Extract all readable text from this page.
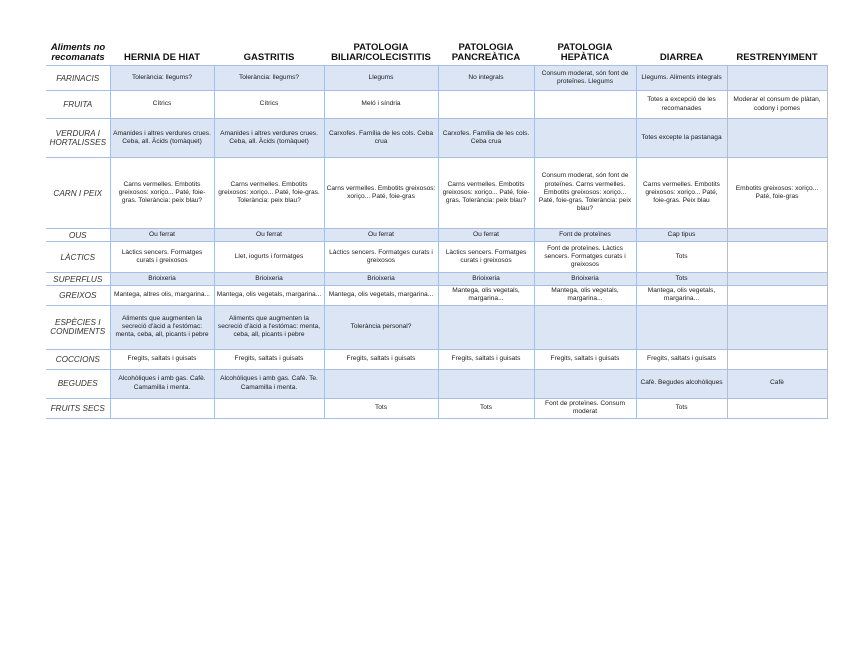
Aliments no recomanats	HERNIA DE HIAT	GASTRITIS	PATOLOGIA BILIAR/COLECISTITIS	PATOLOGIA PANCREÀTICA	PATOLOGIA HEPÀTICA	DIARREA	RESTRENYIMENT
FARINACIS	Tolerància: llegums?	Tolerància: llegums?	Llegums	No integrals	Consum moderat, són font de proteïnes. Llegums	Llegums. Aliments integrals	

FRUITA	Cítrics	Cítrics	Meló i síndria			Totes a excepció de les recomanades	Moderar el consum de plàtan, codony i pomes

VERDURA I HORTALISSES	Amanides i altres verdures crues. Ceba, all. Àcids (tomàquet)	Amanides i altres verdures crues. Ceba, all. Àcids (tomàquet)	Carxofes. Família de les cols. Ceba crua	Carxofes. Família de les cols. Ceba crua		Totes excepte la pastanaga	

CARN I PEIX	Carns vermelles. Embotits greixosos: xoriço... Paté, foie-gras. Tolerància: peix blau?	Carns vermelles. Embotits greixosos: xoriço... Paté, foie-gras. Tolerància: peix blau?	Carns vermelles. Embotits greixosos: xoriço... Paté, foie-gras	Carns vermelles. Embotits greixosos: xoriço... Paté, foie-gras. Tolerància: peix blau?	Consum moderat, són font de proteïnes. Carns vermelles. Embotits greixosos: xoriço... Paté, foie-gras. Tolerància: peix blau?	Carns vermelles. Embotits greixosos: xoriço... Paté, foie-gras. Peix blau	Embotits greixosos: xoriço... Paté, foie-gras

OUS	Ou ferrat	Ou ferrat	Ou ferrat	Ou ferrat	Font de proteïnes	Cap tipus	

LÀCTICS	Làctics sencers. Formatges curats i greixosos	Llet, iogurts i formatges	Làctics sencers. Formatges curats i greixosos	Làctics sencers. Formatges curats i greixosos	Font de proteïnes. Làctics sencers. Formatges curats i greixosos	Tots	

SUPERFLUS	Brioixeria	Brioixeria	Brioixeria	Brioixeria	Brioixeria	Tots	

GREIXOS	Mantega, altres olis, margarina...	Mantega, olis vegetals, margarina...	Mantega, olis vegetals, margarina...	Mantega, olis vegetals, margarina...	Mantega, olis vegetals, margarina...	Mantega, olis vegetals, margarina...	

ESPÈCIES I CONDIMENTS	Aliments que augmenten la secreció d'àcid a l'estómac: menta, ceba, all, picants i pebre	Aliments que augmenten la secreció d'àcid a l'estómac: menta, ceba, all, picants i pebre	Tolerància personal?				

COCCIONS	Fregits, saltats i guisats	Fregits, saltats i guisats	Fregits, saltats i guisats	Fregits, saltats i guisats	Fregits, saltats i guisats	Fregits, saltats i guisats	

BEGUDES	Alcohòliques i amb gas. Cafè. Camamilla i menta.	Alcohòliques i amb gas. Cafè. Te. Camamilla i menta.				Cafè. Begudes alcohòliques	Cafè

FRUITS SECS			Tots	Tots	Font de proteïnes. Consum moderat	Tots	
